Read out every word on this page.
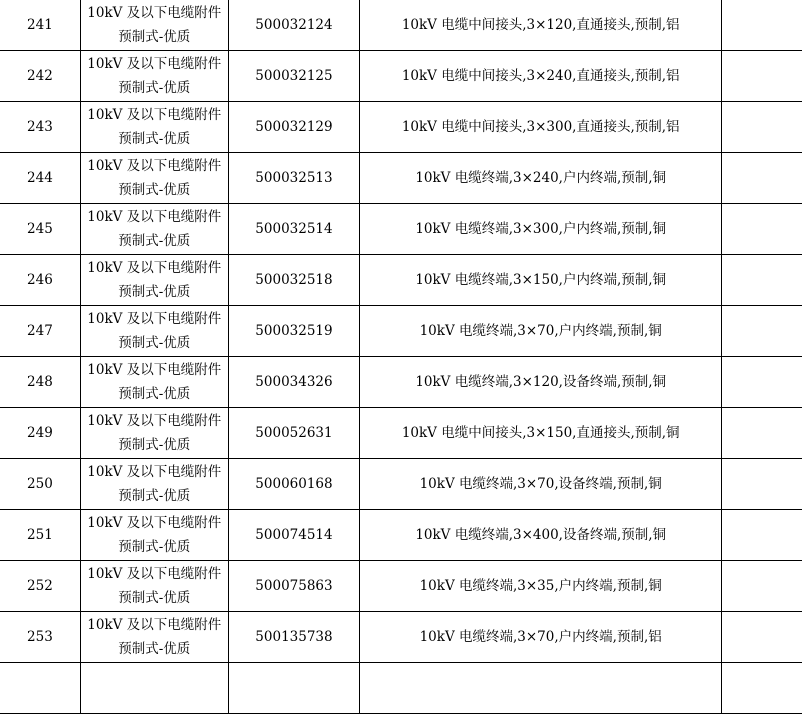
241	10kV 及以下电缆附件预制式-优质	500032124	10kV 电缆中间接头,3×120,直通接头,预制,铝	
242	10kV 及以下电缆附件预制式-优质	500032125	10kV 电缆中间接头,3×240,直通接头,预制,铝	
243	10kV 及以下电缆附件预制式-优质	500032129	10kV 电缆中间接头,3×300,直通接头,预制,铝	
244	10kV 及以下电缆附件预制式-优质	500032513	10kV 电缆终端,3×240,户内终端,预制,铜	
245	10kV 及以下电缆附件预制式-优质	500032514	10kV 电缆终端,3×300,户内终端,预制,铜	
246	10kV 及以下电缆附件预制式-优质	500032518	10kV 电缆终端,3×150,户内终端,预制,铜	
247	10kV 及以下电缆附件预制式-优质	500032519	10kV 电缆终端,3×70,户内终端,预制,铜	
248	10kV 及以下电缆附件预制式-优质	500034326	10kV 电缆终端,3×120,设备终端,预制,铜	
249	10kV 及以下电缆附件预制式-优质	500052631	10kV 电缆中间接头,3×150,直通接头,预制,铜	
250	10kV 及以下电缆附件预制式-优质	500060168	10kV 电缆终端,3×70,设备终端,预制,铜	
251	10kV 及以下电缆附件预制式-优质	500074514	10kV 电缆终端,3×400,设备终端,预制,铜	
252	10kV 及以下电缆附件预制式-优质	500075863	10kV 电缆终端,3×35,户内终端,预制,铜	
253	10kV 及以下电缆附件预制式-优质	500135738	10kV 电缆终端,3×70,户内终端,预制,铝	
